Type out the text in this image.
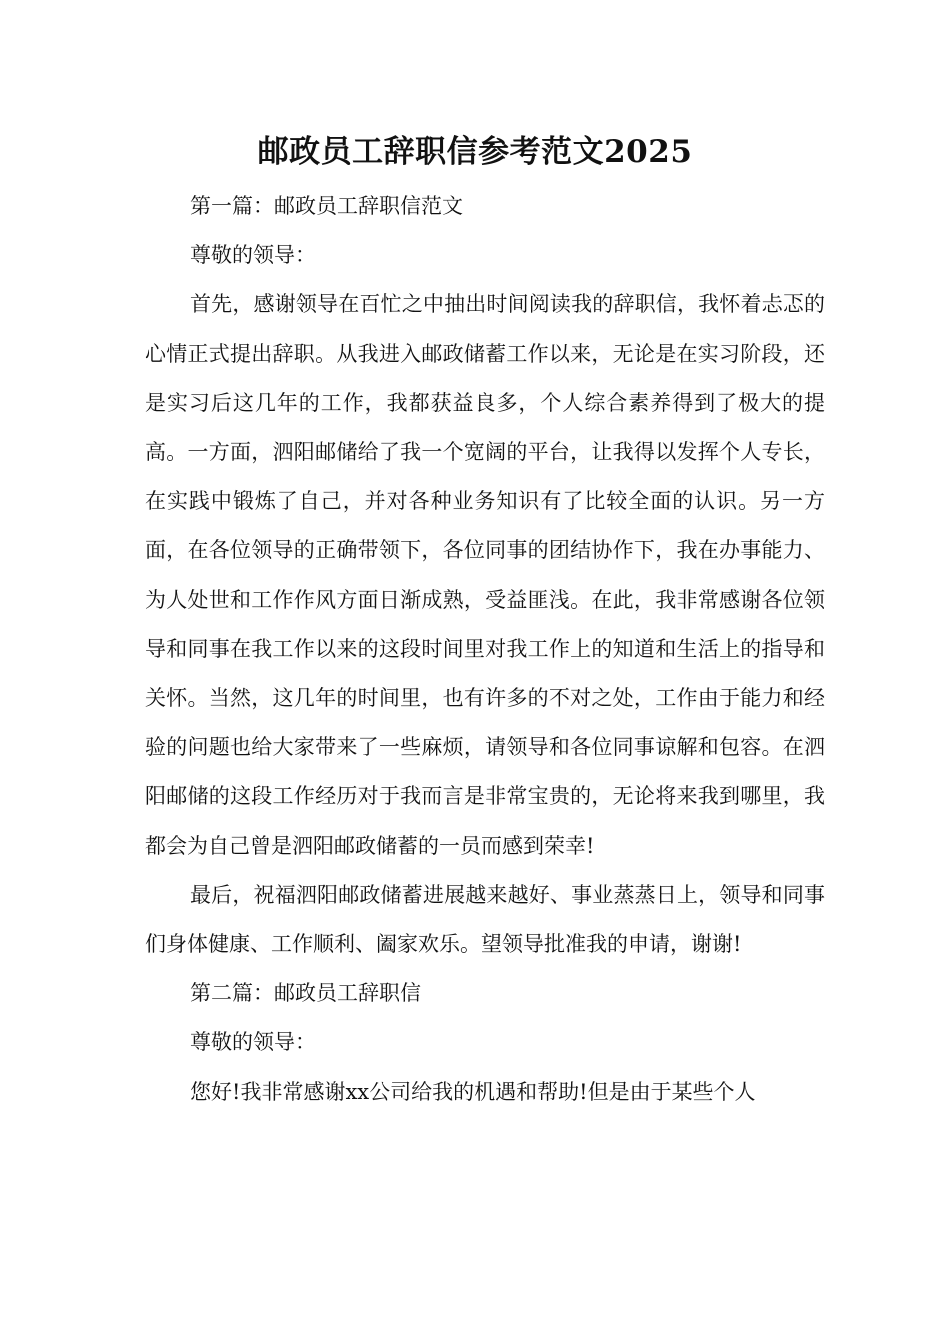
邮政员工辞职信参考范文2025

第一篇：邮政员工辞职信范文

尊敬的领导：

首先，感谢领导在百忙之中抽出时间阅读我的辞职信，我怀着忐忑的心情正式提出辞职。从我进入邮政储蓄工作以来，无论是在实习阶段，还是实习后这几年的工作，我都获益良多，个人综合素养得到了极大的提高。一方面，泗阳邮储给了我一个宽阔的平台，让我得以发挥个人专长，在实践中锻炼了自己，并对各种业务知识有了比较全面的认识。另一方面，在各位领导的正确带领下，各位同事的团结协作下，我在办事能力、为人处世和工作作风方面日渐成熟，受益匪浅。在此，我非常感谢各位领导和同事在我工作以来的这段时间里对我工作上的知道和生活上的指导和关怀。当然，这几年的时间里，也有许多的不对之处，工作由于能力和经验的问题也给大家带来了一些麻烦，请领导和各位同事谅解和包容。在泗阳邮储的这段工作经历对于我而言是非常宝贵的，无论将来我到哪里，我都会为自己曾是泗阳邮政储蓄的一员而感到荣幸!

最后，祝福泗阳邮政储蓄进展越来越好、事业蒸蒸日上，领导和同事们身体健康、工作顺利、阖家欢乐。望领导批准我的申请，谢谢!

第二篇：邮政员工辞职信

尊敬的领导：

您好!我非常感谢xx公司给我的机遇和帮助!但是由于某些个人
